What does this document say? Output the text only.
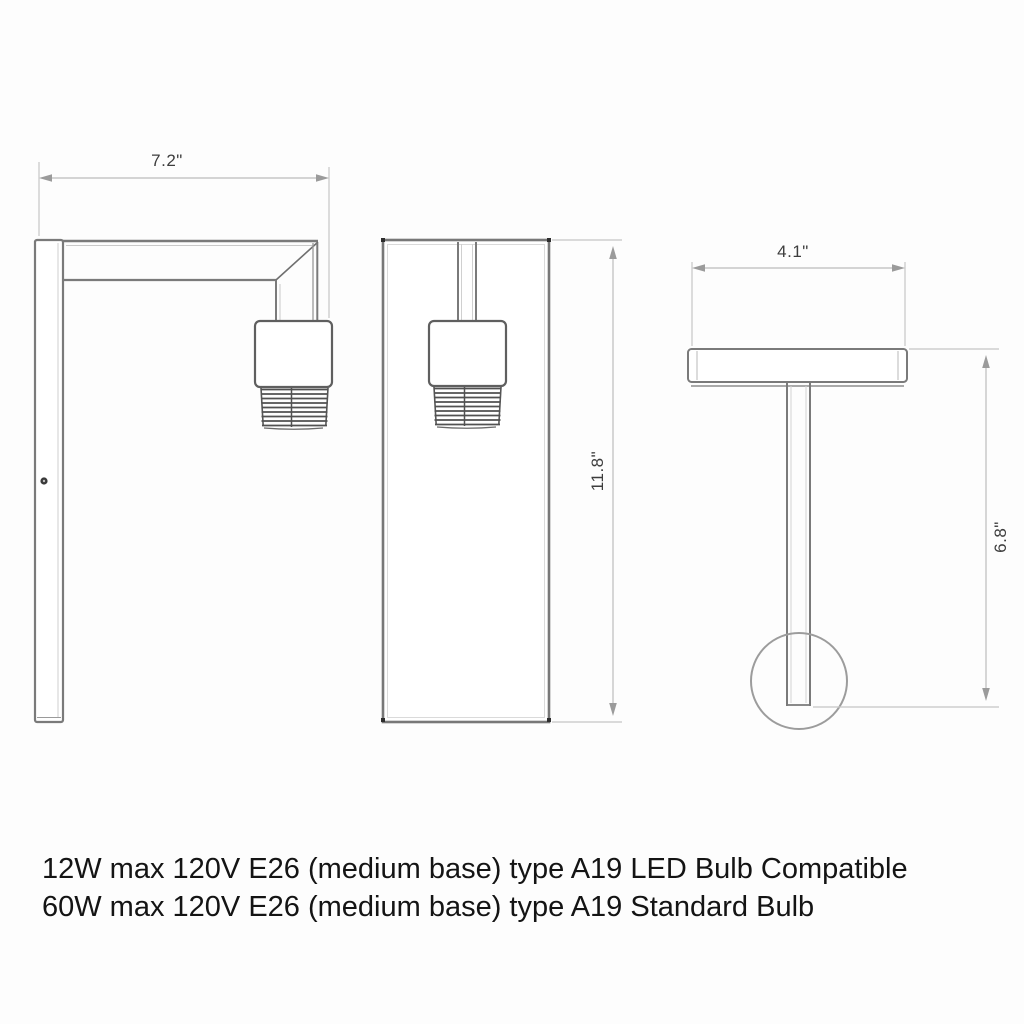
7.2"
11.8"
4.1"
6.8"
12W max 120V E26 (medium base) type A19 LED Bulb Compatible
60W max 120V E26 (medium base) type A19 Standard Bulb
